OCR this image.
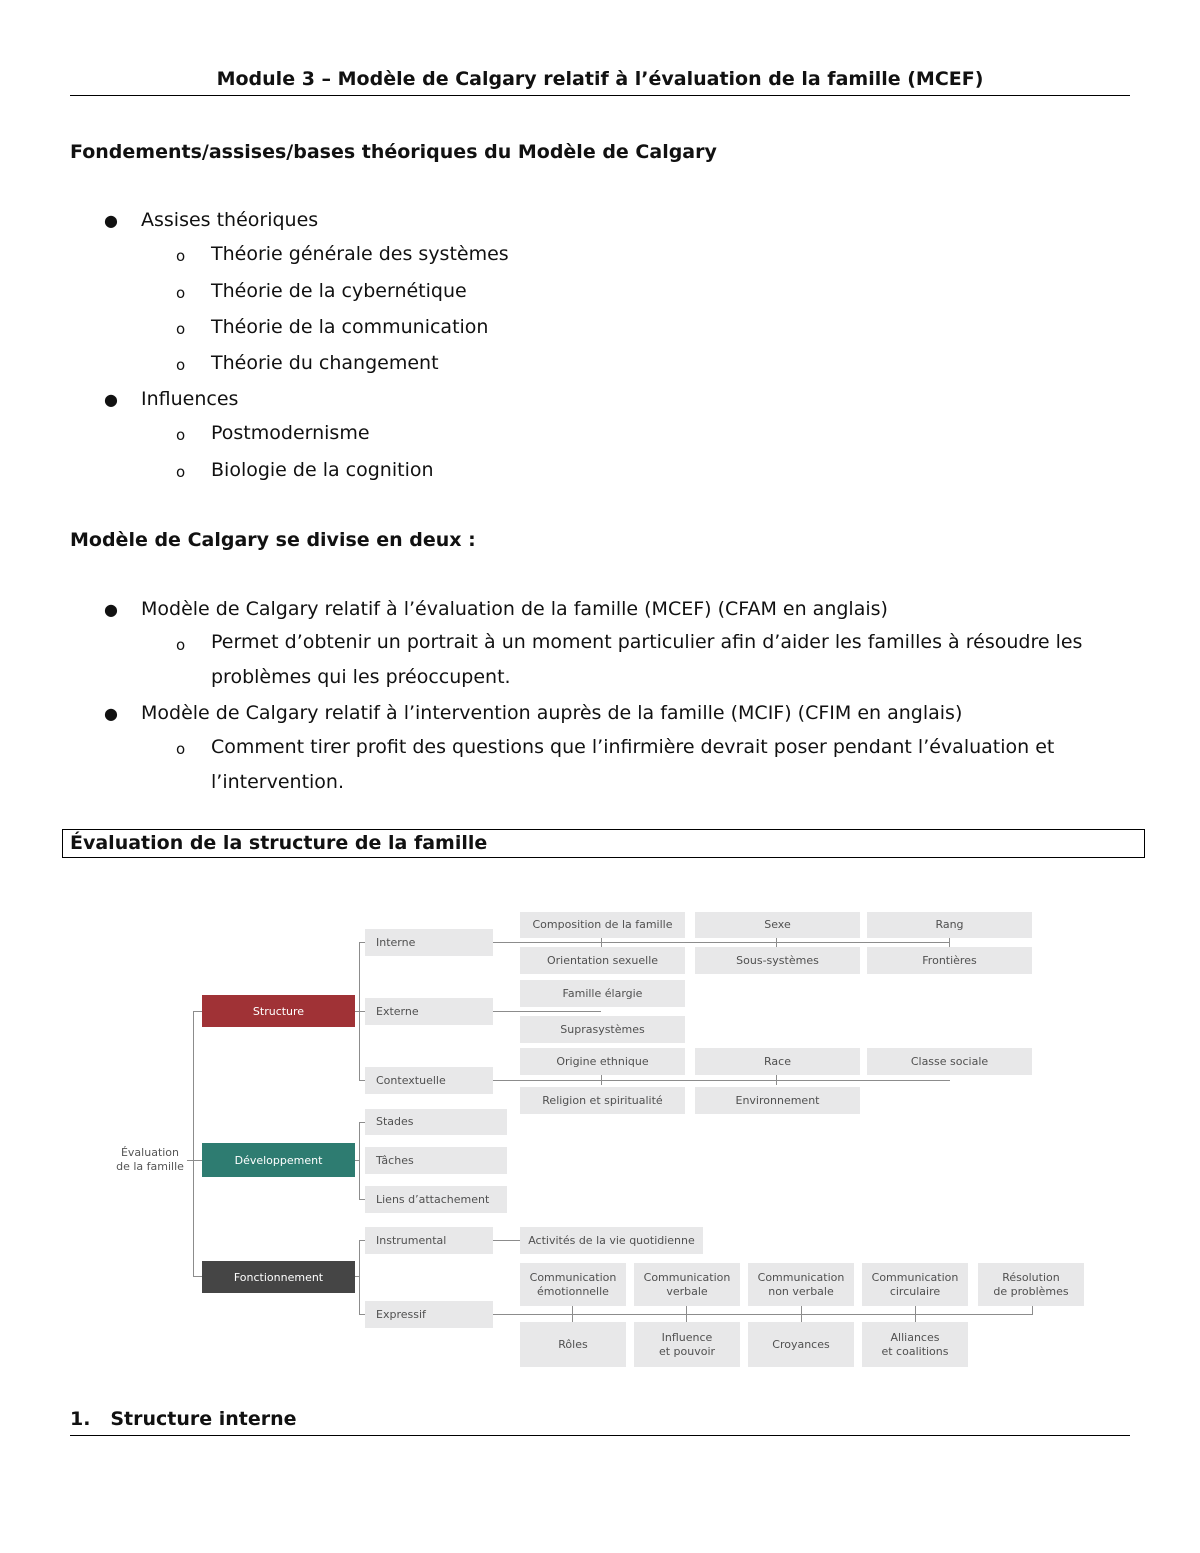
Module 3 – Modèle de Calgary relatif à l’évaluation de la famille (MCEF)
Fondements/assises/bases théoriques du Modèle de Calgary
● Assises théoriques
o Théorie générale des systèmes
o Théorie de la cybernétique
o Théorie de la communication
o Théorie du changement
● Influences
o Postmodernisme
o Biologie de la cognition
Modèle de Calgary se divise en deux :
● Modèle de Calgary relatif à l’évaluation de la famille (MCEF) (CFAM en anglais)
o Permet d’obtenir un portrait à un moment particulier afin d’aider les familles à résoudre les problèmes qui les préoccupent.
● Modèle de Calgary relatif à l’intervention auprès de la famille (MCIF) (CFIM en anglais)
o Comment tirer profit des questions que l’infirmière devrait poser pendant l’évaluation et l’intervention.
Évaluation de la structure de la famille
Évaluation
de la famille
Structure
Développement
Fonctionnement
Interne
Externe
Contextuelle
Stades
Tâches
Liens d’attachement
Instrumental
Expressif
Composition de la famille	Sexe	Rang
Orientation sexuelle	Sous-systèmes	Frontières
Famille élargie
Suprasystèmes
Origine ethnique	Race	Classe sociale
Religion et spiritualité	Environnement
Activités de la vie quotidienne
Communication
émotionnelle
Communication
verbale
Communication
non verbale
Communication
circulaire
Résolution
de problèmes
Rôles
Influence
et pouvoir
Croyances
Alliances
et coalitions
1. Structure interne
